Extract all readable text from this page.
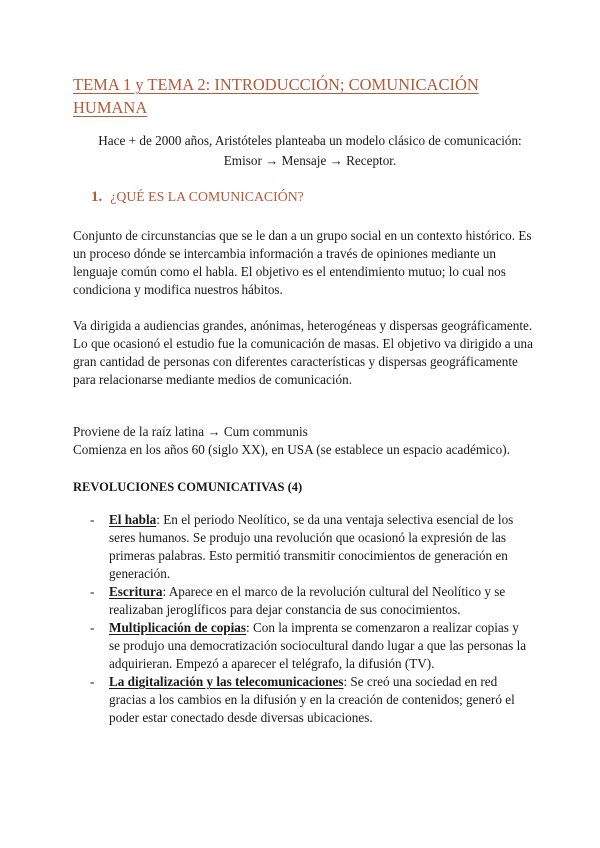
TEMA 1 y TEMA 2: INTRODUCCIÓN; COMUNICACIÓN HUMANA
Hace + de 2000 años, Aristóteles planteaba un modelo clásico de comunicación:
Emisor → Mensaje → Receptor.
1. ¿QUÉ ES LA COMUNICACIÓN?
Conjunto de circunstancias que se le dan a un grupo social en un contexto histórico. Es un proceso dónde se intercambia información a través de opiniones mediante un lenguaje común como el habla. El objetivo es el entendimiento mutuo; lo cual nos condiciona y modifica nuestros hábitos.
Va dirigida a audiencias grandes, anónimas, heterogéneas y dispersas geográficamente. Lo que ocasionó el estudio fue la comunicación de masas. El objetivo va dirigido a una gran cantidad de personas con diferentes características y dispersas geográficamente para relacionarse mediante medios de comunicación.
Proviene de la raíz latina → Cum communis
Comienza en los años 60 (siglo XX), en USA (se establece un espacio académico).
REVOLUCIONES COMUNICATIVAS (4)
- El habla: En el periodo Neolítico, se da una ventaja selectiva esencial de los seres humanos. Se produjo una revolución que ocasionó la expresión de las primeras palabras. Esto permitió transmitir conocimientos de generación en generación.
- Escritura: Aparece en el marco de la revolución cultural del Neolítico y se realizaban jeroglíficos para dejar constancia de sus conocimientos.
- Multiplicación de copias: Con la imprenta se comenzaron a realizar copias y se produjo una democratización sociocultural dando lugar a que las personas la adquirieran. Empezó a aparecer el telégrafo, la difusión (TV).
- La digitalización y las telecomunicaciones: Se creó una sociedad en red gracias a los cambios en la difusión y en la creación de contenidos; generó el poder estar conectado desde diversas ubicaciones.
